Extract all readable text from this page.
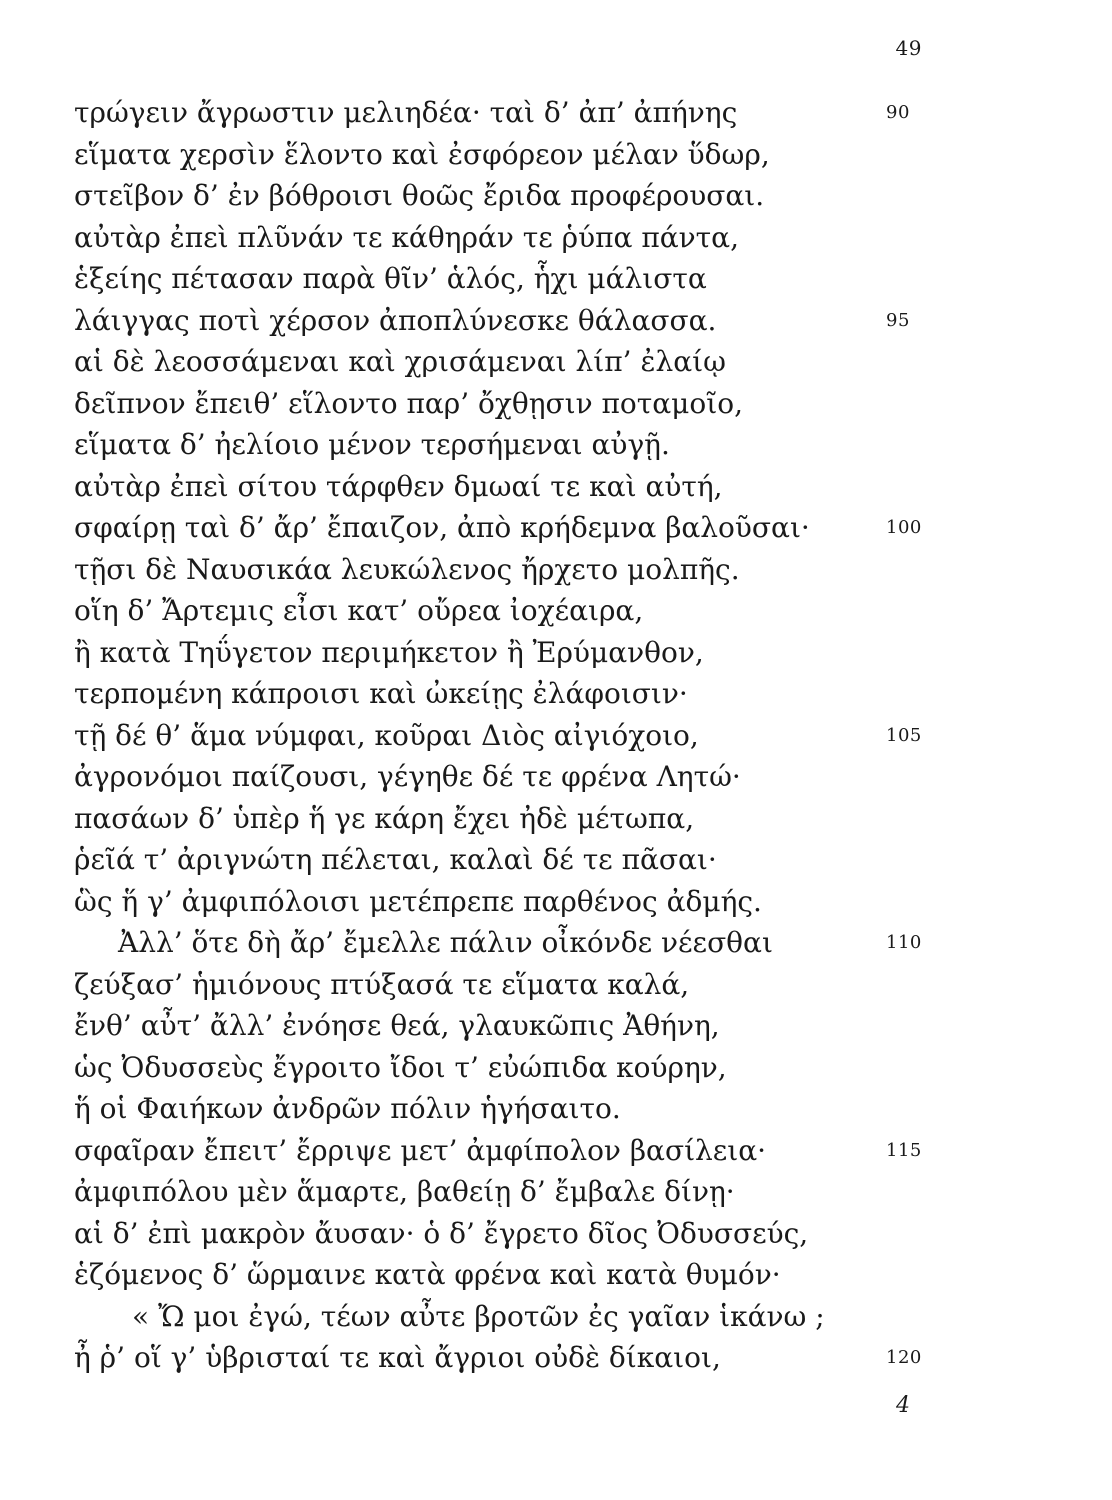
49
τρώγειν ἄγρωστιν μελιηδέα· ταὶ δ’ ἀπ’ ἀπήνης	90
εἵματα χερσὶν ἕλοντο καὶ ἐσφόρεον μέλαν ὕδωρ,
στεῖβον δ’ ἐν βόθροισι θοῶς ἔριδα προφέρουσαι.
αὐτὰρ ἐπεὶ πλῦνάν τε κάθηράν τε ῥύπα πάντα,
ἑξείης πέτασαν παρὰ θῖν’ ἁλός, ἧχι μάλιστα
λάιγγας ποτὶ χέρσον ἀποπλύνεσκε θάλασσα.	95
αἱ δὲ λεοσσάμεναι καὶ χρισάμεναι λίπ’ ἐλαίῳ
δεῖπνον ἔπειθ’ εἵλοντο παρ’ ὄχθῃσιν ποταμοῖο,
εἵματα δ’ ἠελίοιο μένον τερσήμεναι αὐγῇ.
αὐτὰρ ἐπεὶ σίτου τάρφθεν δμωαί τε καὶ αὐτή,
σφαίρῃ ταὶ δ’ ἄρ’ ἔπαιζον, ἀπὸ κρήδεμνα βαλοῦσαι·	100
τῇσι δὲ Ναυσικάα λευκώλενος ἤρχετο μολπῆς.
οἵη δ’ Ἄρτεμις εἶσι κατ’ οὔρεα ἰοχέαιρα,
ἢ κατὰ Τηΰγετον περιμήκετον ἢ Ἐρύμανθον,
τερπομένη κάπροισι καὶ ὠκείῃς ἐλάφοισιν·
τῇ δέ θ’ ἅμα νύμφαι, κοῦραι Διὸς αἰγιόχοιο,	105
ἀγρονόμοι παίζουσι, γέγηθε δέ τε φρένα Λητώ·
πασάων δ’ ὑπὲρ ἥ γε κάρη ἔχει ἠδὲ μέτωπα,
ῥεῖά τ’ ἀριγνώτη πέλεται, καλαὶ δέ τε πᾶσαι·
ὣς ἥ γ’ ἀμφιπόλοισι μετέπρεπε παρθένος ἀδμής.
Ἀλλ’ ὅτε δὴ ἄρ’ ἔμελλε πάλιν οἶκόνδε νέεσθαι	110
ζεύξασ’ ἡμιόνους πτύξασά τε εἵματα καλά,
ἔνθ’ αὖτ’ ἄλλ’ ἐνόησε θεά, γλαυκῶπις Ἀθήνη,
ὡς Ὀδυσσεὺς ἔγροιτο ἴδοι τ’ εὐώπιδα κούρην,
ἥ οἱ Φαιήκων ἀνδρῶν πόλιν ἡγήσαιτο.
σφαῖραν ἔπειτ’ ἔρριψε μετ’ ἀμφίπολον βασίλεια·	115
ἀμφιπόλου μὲν ἅμαρτε, βαθείῃ δ’ ἔμβαλε δίνῃ·
αἱ δ’ ἐπὶ μακρὸν ἄυσαν· ὁ δ’ ἔγρετο δῖος Ὀδυσσεύς,
ἑζόμενος δ’ ὥρμαινε κατὰ φρένα καὶ κατὰ θυμόν·
« Ὤ μοι ἐγώ, τέων αὖτε βροτῶν ἐς γαῖαν ἱκάνω ;
ἦ ῥ’ οἵ γ’ ὑβρισταί τε καὶ ἄγριοι οὐδὲ δίκαιοι,	120
4
